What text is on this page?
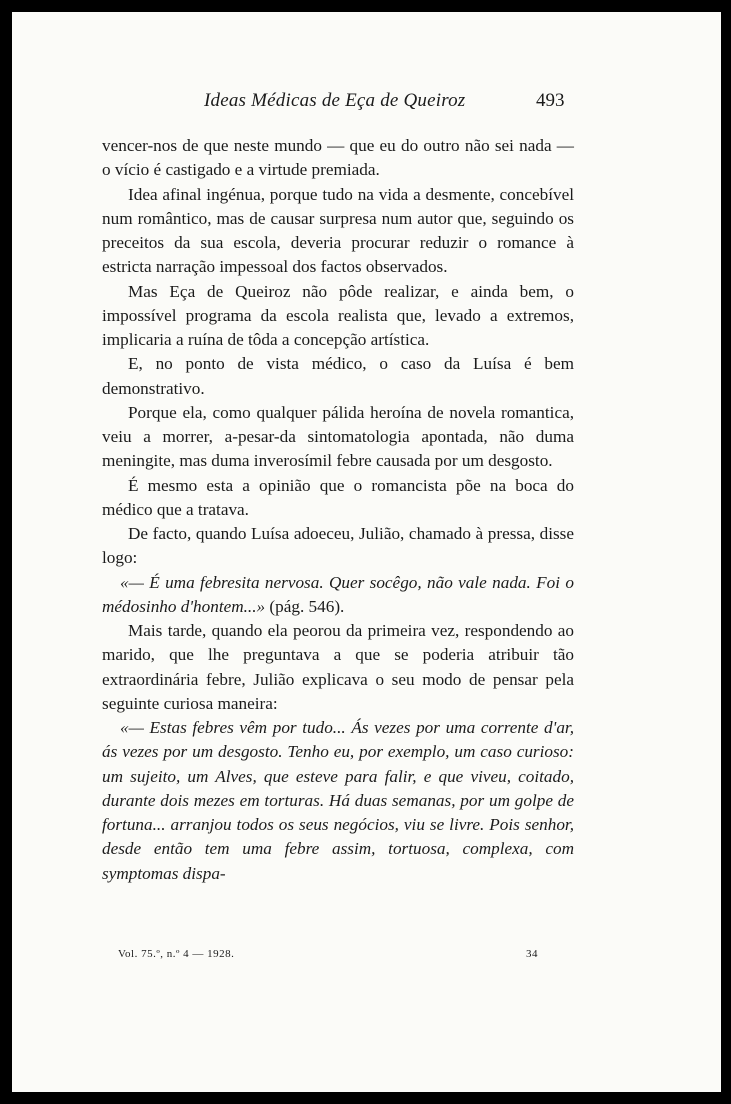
Ideas Médicas de Eça de Queiroz	493

vencer-nos de que neste mundo — que eu do outro não sei nada — o vício é castigado e a virtude premiada.

Idea afinal ingénua, porque tudo na vida a desmente, concebível num romântico, mas de causar surpresa num autor que, seguindo os preceitos da sua escola, deveria procurar reduzir o romance à estricta narração impessoal dos factos observados.

Mas Eça de Queiroz não pôde realizar, e ainda bem, o impossível programa da escola realista que, levado a extremos, implicaria a ruína de tôda a concepção artística.

E, no ponto de vista médico, o caso da Luísa é bem demonstrativo.

Porque ela, como qualquer pálida heroína de novela romantica, veiu a morrer, a-pesar-da sintomatologia apontada, não duma meningite, mas duma inverosímil febre causada por um desgosto.

É mesmo esta a opinião que o romancista põe na boca do médico que a tratava.

De facto, quando Luísa adoeceu, Julião, chamado à pressa, disse logo:

«— É uma febresita nervosa. Quer socêgo, não vale nada. Foi o médosinho d'hontem...» (pág. 546).

Mais tarde, quando ela peorou da primeira vez, respondendo ao marido, que lhe preguntava a que se poderia atribuir tão extraordinária febre, Julião explicava o seu modo de pensar pela seguinte curiosa maneira:

«— Estas febres vêm por tudo... Ás vezes por uma corrente d'ar, ás vezes por um desgosto. Tenho eu, por exemplo, um caso curioso: um sujeito, um Alves, que esteve para falir, e que viveu, coitado, durante dois mezes em torturas. Há duas semanas, por um golpe de fortuna... arranjou todos os seus negócios, viu se livre. Pois senhor, desde então tem uma febre assim, tortuosa, complexa, com symptomas dispa-

Vol. 75.º, n.º 4 — 1928.	34
